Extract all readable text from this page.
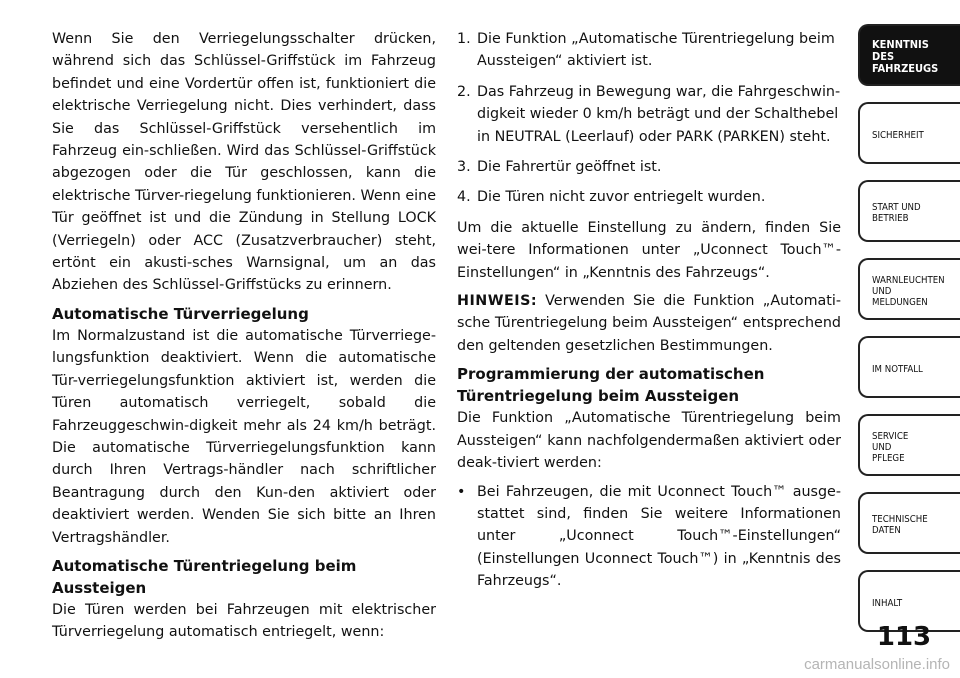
Wenn Sie den Verriegelungsschalter drücken, während sich das Schlüssel-Griffstück im Fahrzeug befindet und eine Vordertür offen ist, funktioniert die elektrische Verriegelung nicht. Dies verhindert, dass Sie das Schlüssel-Griffstück versehentlich im Fahrzeug ein-schließen. Wird das Schlüssel-Griffstück abgezogen oder die Tür geschlossen, kann die elektrische Türver-riegelung funktionieren. Wenn eine Tür geöffnet ist und die Zündung in Stellung LOCK (Verriegeln) oder ACC (Zusatzverbraucher) steht, ertönt ein akusti-sches Warnsignal, um an das Abziehen des Schlüssel-Griffstücks zu erinnern.

Automatische Türverriegelung

Im Normalzustand ist die automatische Türverriege-lungsfunktion deaktiviert. Wenn die automatische Tür-verriegelungsfunktion aktiviert ist, werden die Türen automatisch verriegelt, sobald die Fahrzeuggeschwin-digkeit mehr als 24 km/h beträgt. Die automatische Türverriegelungsfunktion kann durch Ihren Vertrags-händler nach schriftlicher Beantragung durch den Kun-den aktiviert oder deaktiviert werden. Wenden Sie sich bitte an Ihren Vertragshändler.

Automatische Türentriegelung beim Aussteigen

Die Türen werden bei Fahrzeugen mit elektrischer Türverriegelung automatisch entriegelt, wenn:

1. Die Funktion „Automatische Türentriegelung beim Aussteigen“ aktiviert ist.
2. Das Fahrzeug in Bewegung war, die Fahrgeschwin-digkeit wieder 0 km/h beträgt und der Schalthebel in NEUTRAL (Leerlauf) oder PARK (PARKEN) steht.
3. Die Fahrertür geöffnet ist.
4. Die Türen nicht zuvor entriegelt wurden.

Um die aktuelle Einstellung zu ändern, finden Sie wei-tere Informationen unter „Uconnect Touch™-Einstellungen“ in „Kenntnis des Fahrzeugs“.

HINWEIS: Verwenden Sie die Funktion „Automati-sche Türentriegelung beim Aussteigen“ entsprechend den geltenden gesetzlichen Bestimmungen.

Programmierung der automatischen Türentriegelung beim Aussteigen

Die Funktion „Automatische Türentriegelung beim Aussteigen“ kann nachfolgendermaßen aktiviert oder deak-tiviert werden:

• Bei Fahrzeugen, die mit Uconnect Touch™ ausge-stattet sind, finden Sie weitere Informationen unter „Uconnect Touch™-Einstellungen“ (Einstellungen Uconnect Touch™) in „Kenntnis des Fahrzeugs“.
KENNTNIS
DES
FAHRZEUGS
SICHERHEIT
START UND
BETRIEB
WARNLEUCHTEN
UND
MELDUNGEN
IM NOTFALL
SERVICE
UND
PFLEGE
TECHNISCHE
DATEN
INHALT
113
carmanualsonline.info
